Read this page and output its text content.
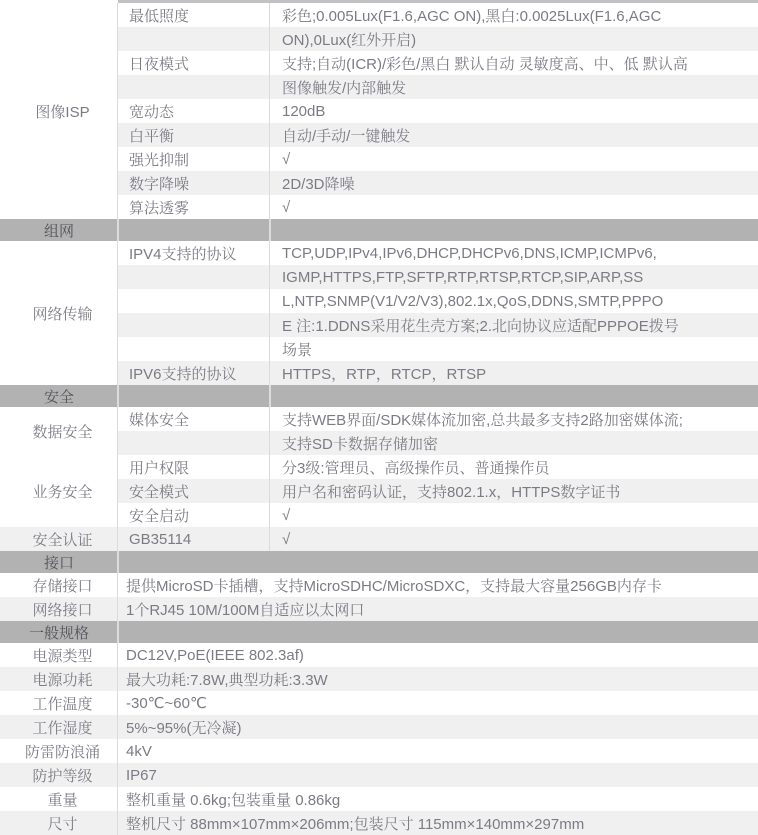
图像ISP
最低照度	彩色;0.005Lux(F1.6,AGC ON),黑白:0.0025Lux(F1.6,AGC
ON),0Lux(红外开启)
日夜模式	支持;自动(ICR)/彩色/黑白 默认自动 灵敏度高、中、低 默认高
图像触发/内部触发
宽动态	120dB
白平衡	自动/手动/一键触发
强光抑制	√
数字降噪	2D/3D降噪
算法透雾	√
组网
网络传输
IPV4支持的协议	TCP,UDP,IPv4,IPv6,DHCP,DHCPv6,DNS,ICMP,ICMPv6,
IGMP,HTTPS,FTP,SFTP,RTP,RTSP,RTCP,SIP,ARP,SS
L,NTP,SNMP(V1/V2/V3),802.1x,QoS,DDNS,SMTP,PPPO
E 注:1.DDNS采用花生壳方案;2.北向协议应适配PPPOE拨号
场景
IPV6支持的协议	HTTPS，RTP，RTCP，RTSP
安全
数据安全
媒体安全	支持WEB界面/SDK媒体流加密,总共最多支持2路加密媒体流;
支持SD卡数据存储加密
业务安全
用户权限	分3级:管理员、高级操作员、普通操作员
安全模式	用户名和密码认证，支持802.1.x，HTTPS数字证书
安全启动	√
安全认证	GB35114	√
接口
存储接口	提供MicroSD卡插槽，支持MicroSDHC/MicroSDXC，支持最大容量256GB内存卡
网络接口	1个RJ45 10M/100M自适应以太网口
一般规格
电源类型	DC12V,PoE(IEEE 802.3af)
电源功耗	最大功耗:7.8W,典型功耗:3.3W
工作温度	-30℃~60℃
工作湿度	5%~95%(无冷凝)
防雷防浪涌	4kV
防护等级	IP67
重量	整机重量 0.6kg;包装重量 0.86kg
尺寸	整机尺寸 88mm×107mm×206mm;包装尺寸 115mm×140mm×297mm
